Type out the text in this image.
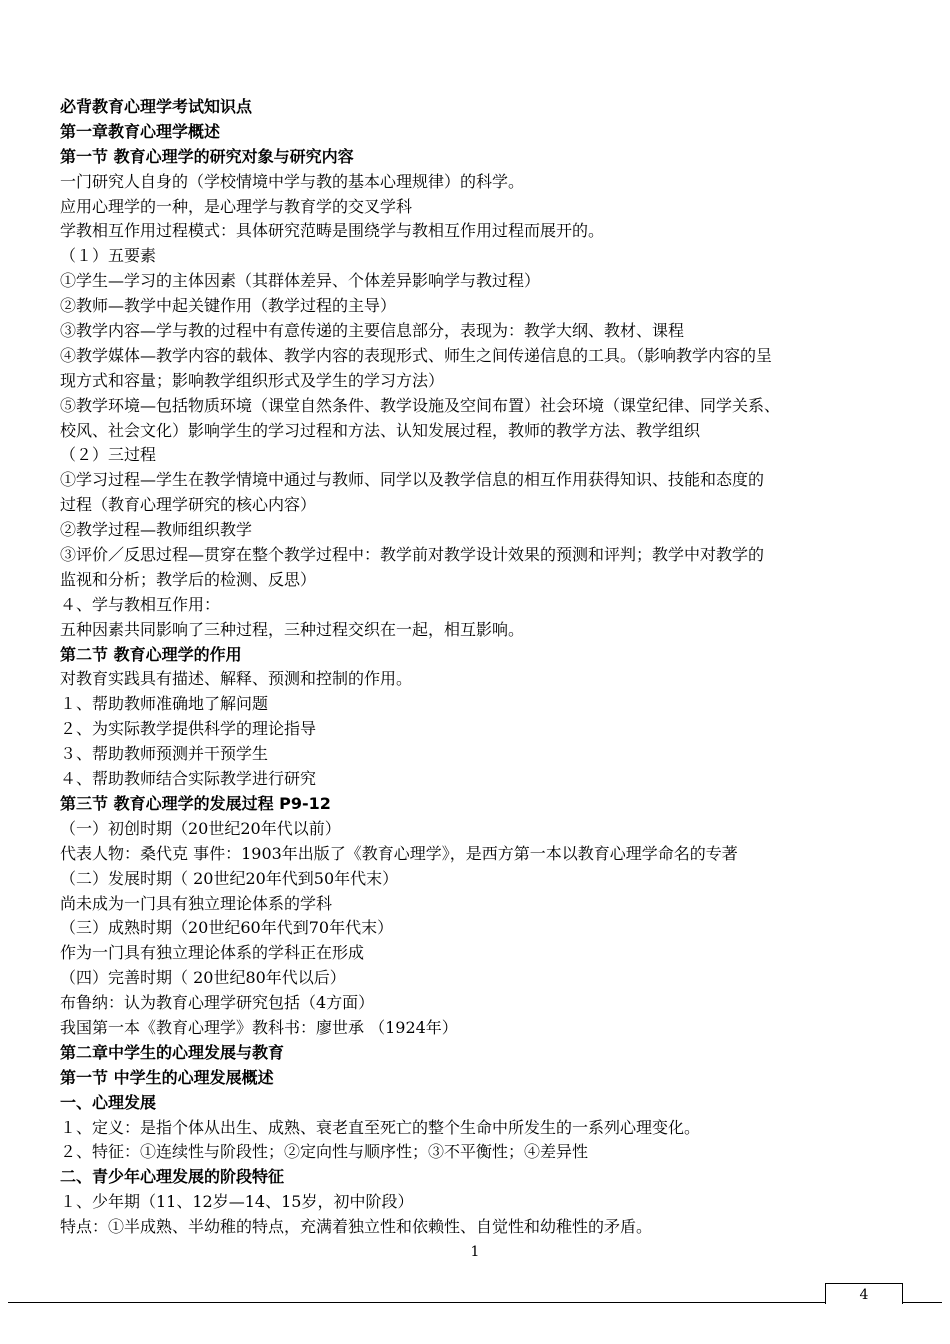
必背教育心理学考试知识点
第一章教育心理学概述
第一节 教育心理学的研究对象与研究内容
一门研究人自身的（学校情境中学与教的基本心理规律）的科学。
应用心理学的一种，是心理学与教育学的交叉学科
学教相互作用过程模式：具体研究范畴是围绕学与教相互作用过程而展开的。
（１）五要素
①学生—学习的主体因素（其群体差异、个体差异影响学与教过程）
②教师—教学中起关键作用（教学过程的主导）
③教学内容—学与教的过程中有意传递的主要信息部分，表现为：教学大纲、教材、课程
④教学媒体—教学内容的载体、教学内容的表现形式、师生之间传递信息的工具。（影响教学内容的呈
现方式和容量；影响教学组织形式及学生的学习方法）
⑤教学环境—包括物质环境（课堂自然条件、教学设施及空间布置）社会环境（课堂纪律、同学关系、
校风、社会文化）影响学生的学习过程和方法、认知发展过程，教师的教学方法、教学组织
（２）三过程
①学习过程—学生在教学情境中通过与教师、同学以及教学信息的相互作用获得知识、技能和态度的
过程（教育心理学研究的核心内容）
②教学过程—教师组织教学
③评价／反思过程—贯穿在整个教学过程中：教学前对教学设计效果的预测和评判；教学中对教学的
监视和分析；教学后的检测、反思）
４、学与教相互作用：
五种因素共同影响了三种过程，三种过程交织在一起，相互影响。
第二节 教育心理学的作用
对教育实践具有描述、解释、预测和控制的作用。
１、帮助教师准确地了解问题
２、为实际教学提供科学的理论指导
３、帮助教师预测并干预学生
４、帮助教师结合实际教学进行研究
第三节 教育心理学的发展过程 P9-12
（一）初创时期（20世纪20年代以前）
代表人物：桑代克 事件：1903年出版了《教育心理学》，是西方第一本以教育心理学命名的专著
（二）发展时期（ 20世纪20年代到50年代末）
尚未成为一门具有独立理论体系的学科
（三）成熟时期（20世纪60年代到70年代末）
作为一门具有独立理论体系的学科正在形成
（四）完善时期（ 20世纪80年代以后）
布鲁纳：认为教育心理学研究包括（4方面）
我国第一本《教育心理学》教科书：廖世承 （1924年）
第二章中学生的心理发展与教育
第一节 中学生的心理发展概述
一、心理发展
１、定义：是指个体从出生、成熟、衰老直至死亡的整个生命中所发生的一系列心理变化。
２、特征：①连续性与阶段性；②定向性与顺序性；③不平衡性；④差异性
二、青少年心理发展的阶段特征
１、少年期（11、12岁—14、15岁，初中阶段）
特点：①半成熟、半幼稚的特点，充满着独立性和依赖性、自觉性和幼稚性的矛盾。
1
4
